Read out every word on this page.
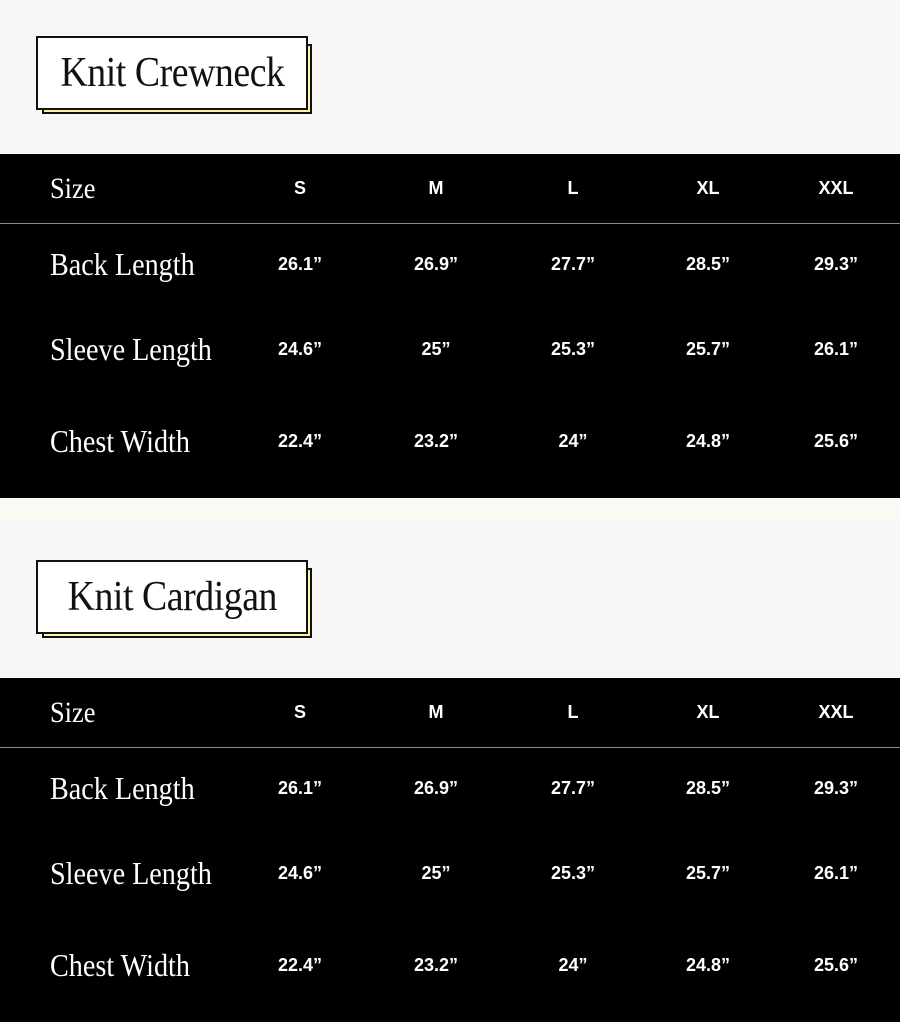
Knit Crewneck
Size	S	M	L	XL	XXL
Back Length	26.1”	26.9”	27.7”	28.5”	29.3”
Sleeve Length	24.6”	25”	25.3”	25.7”	26.1”
Chest Width	22.4”	23.2”	24”	24.8”	25.6”
Knit Cardigan
Size	S	M	L	XL	XXL
Back Length	26.1”	26.9”	27.7”	28.5”	29.3”
Sleeve Length	24.6”	25”	25.3”	25.7”	26.1”
Chest Width	22.4”	23.2”	24”	24.8”	25.6”
